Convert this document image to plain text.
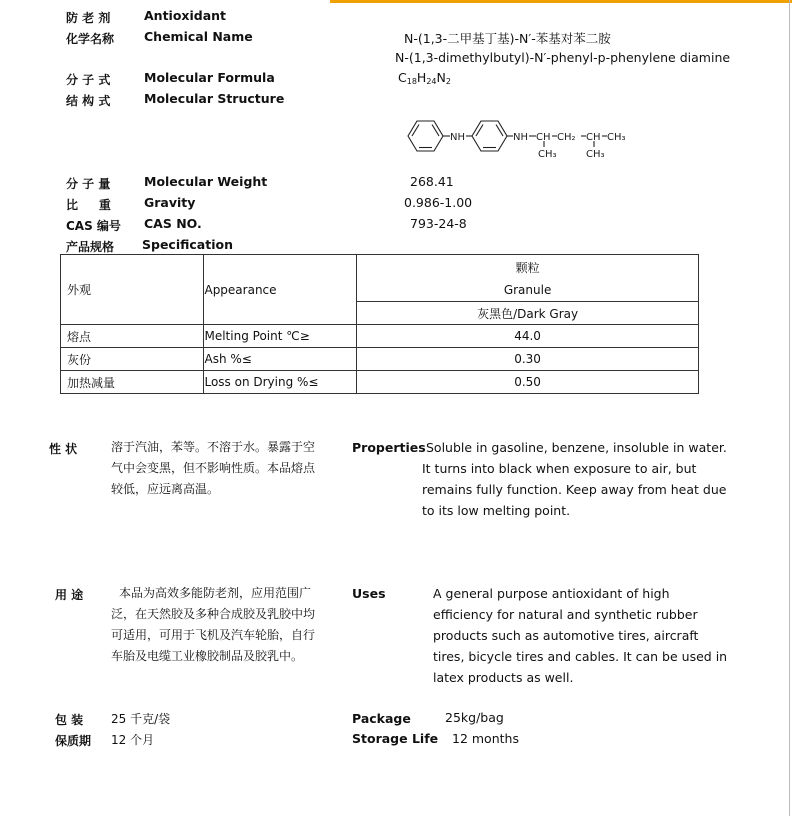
防 老 剂	Antioxidant
化学名称 Chemical Name	N-(1,3-二甲基丁基)-N′-苯基对苯二胺
N-(1,3-dimethylbutyl)-N′-phenyl-p-phenylene diamine
分 子 式	Molecular Formula	$C_{18}H_{24}N_2$
结 构 式	Molecular Structure
NH	NH CH CH₂ CH CH₃
CH₃	CH₃
分 子 量	Molecular Weight	268.41
比     重	Gravity	0.986-1.00
CAS 编号 CAS NO.	793-24-8
产品规格 Specification
外观	Appearance	颗粒
		Granule
		灰黑色/Dark Gray
熔点	Melting Point ℃≥	44.0
灰份	Ash %≤	0.30
加热减量	Loss on Drying %≤	0.50
性 状	溶于汽油，苯等。不溶于水。暴露于空气中会变黑，但不影响性质。本品熔点较低，应远离高温。
Properties Soluble in gasoline, benzene, insoluble in water. It turns into black when exposure to air, but remains fully function. Keep away from heat due to its low melting point.
用 途	本品为高效多能防老剂，应用范围广泛，在天然胶及多种合成胶及乳胶中均可适用，可用于飞机及汽车轮胎，自行车胎及电缆工业橡胶制品及胶乳中。
Uses	A general purpose antioxidant of high efficiency for natural and synthetic rubber products such as automotive tires, aircraft tires, bicycle tires and cables. It can be used in latex products as well.
包 装 25 千克/袋	Package	25kg/bag
保质期 12 个月	Storage Life 12 months
